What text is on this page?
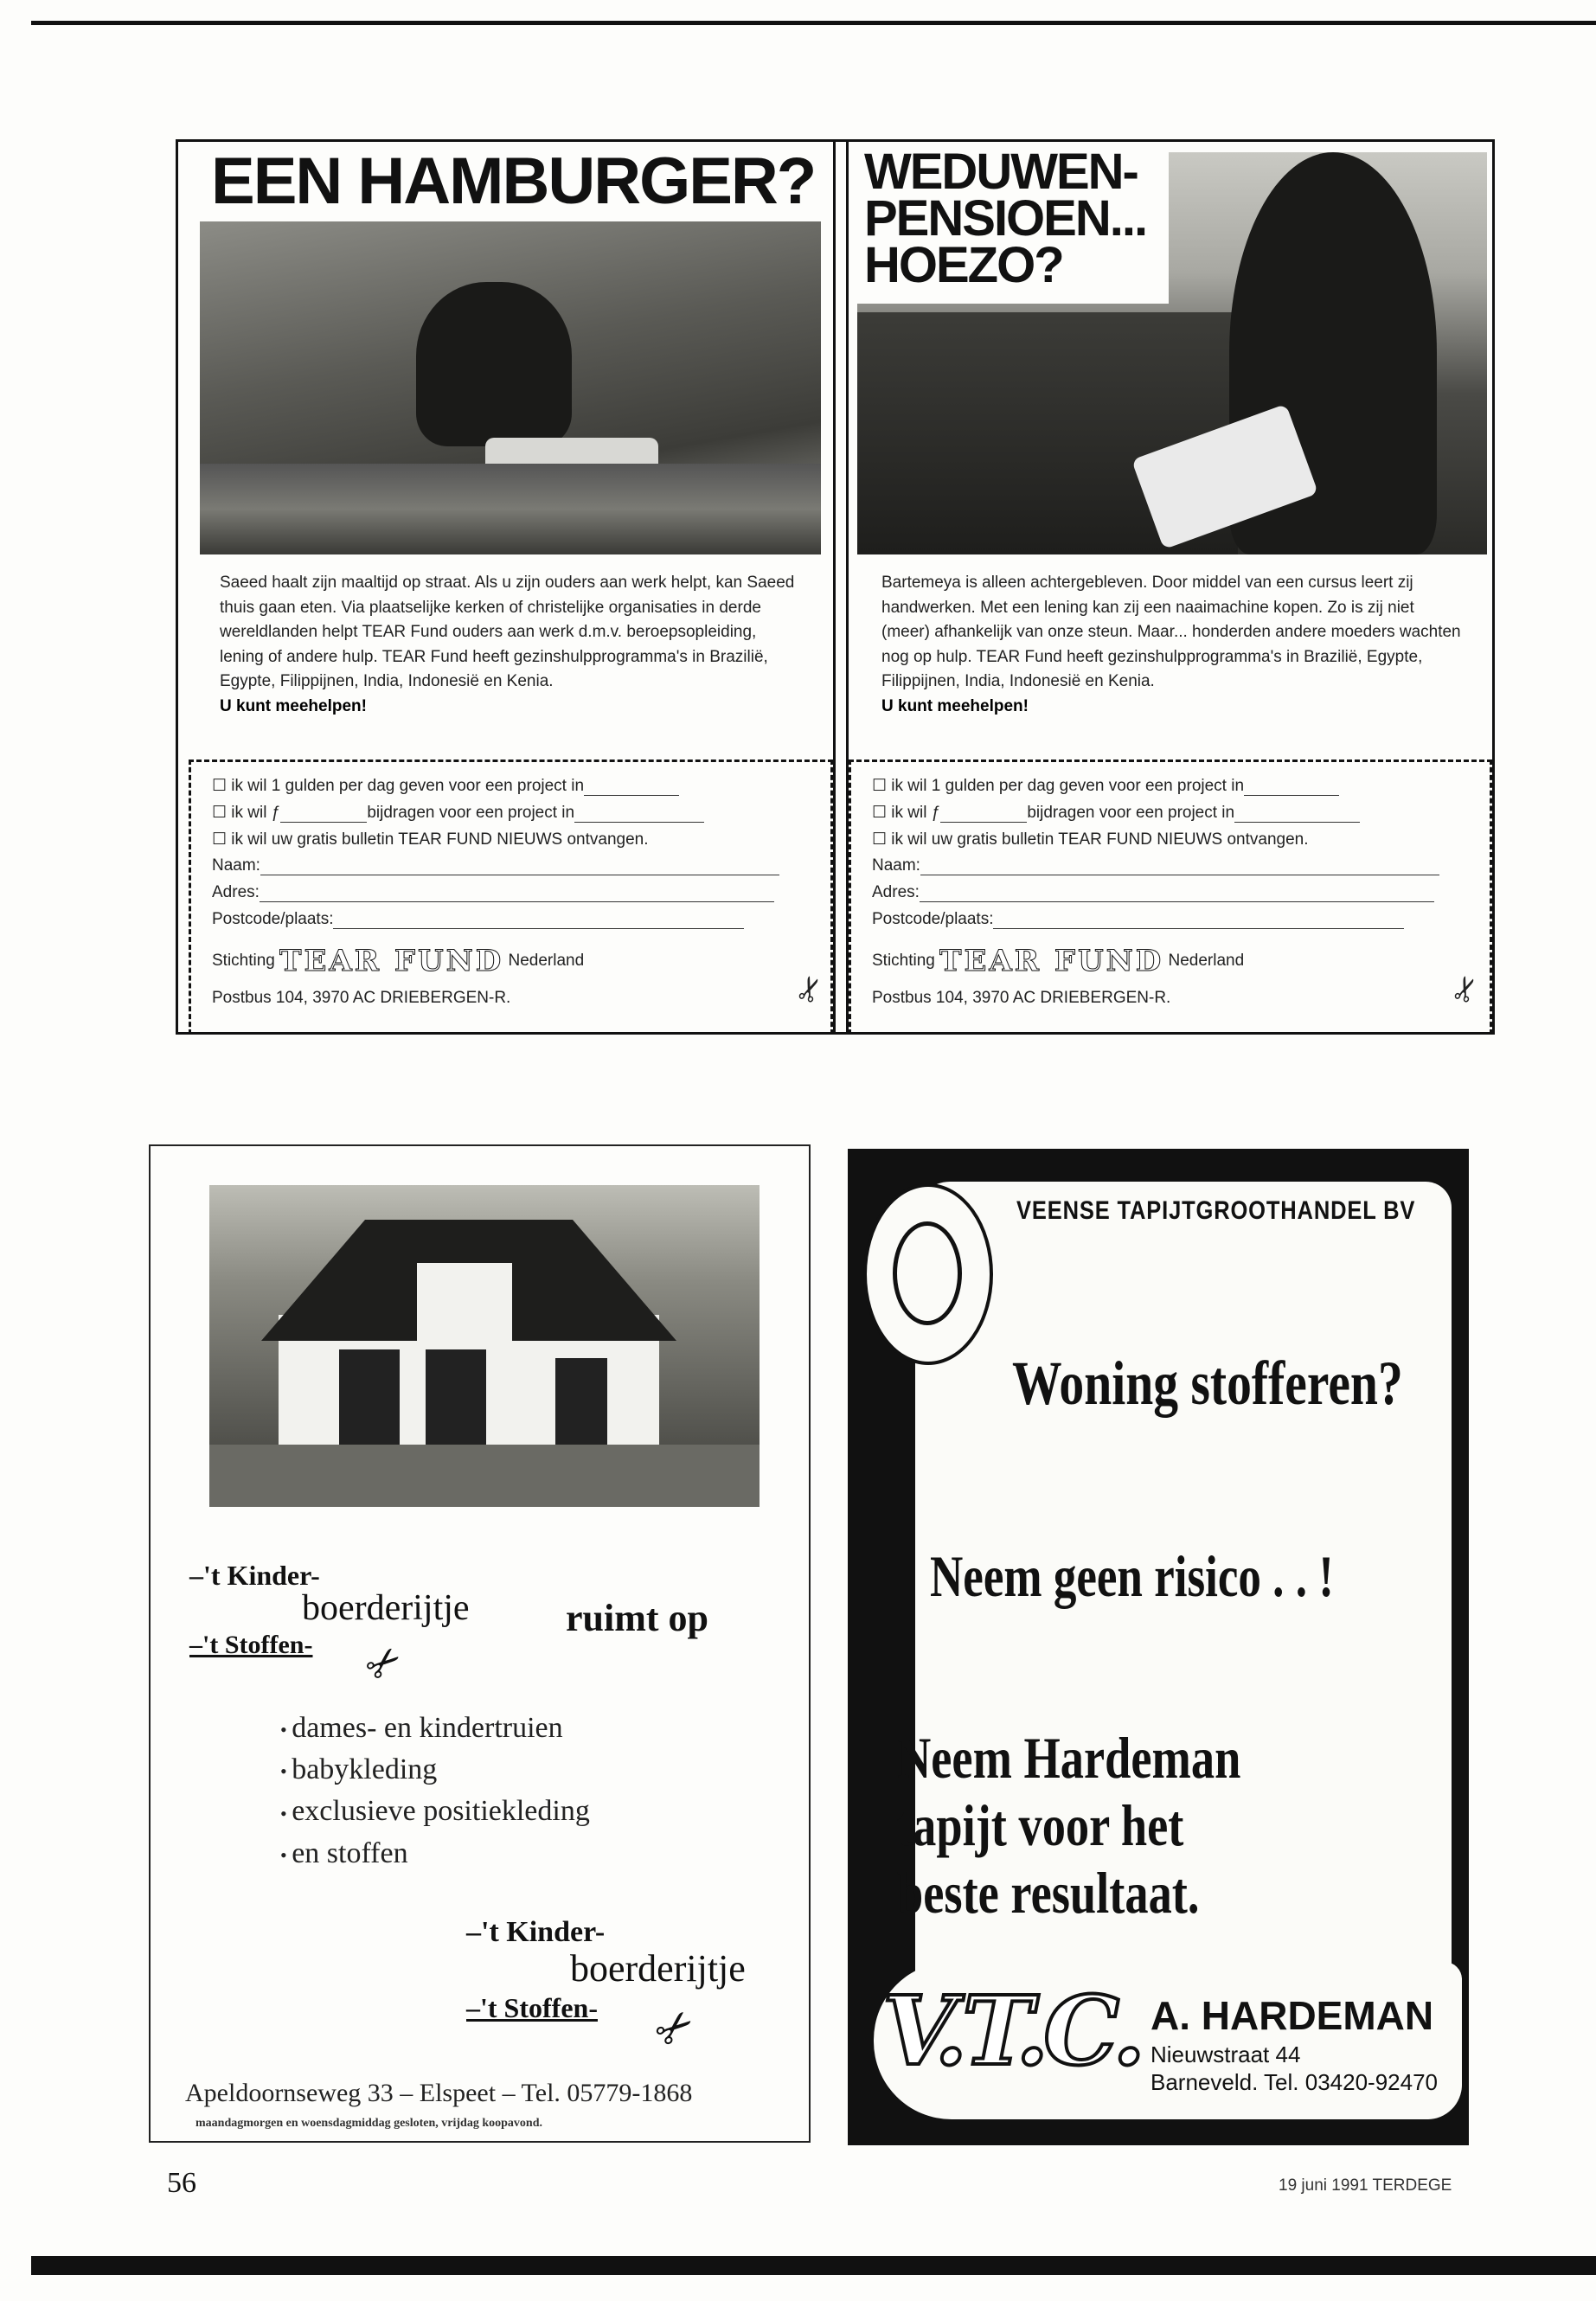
EEN HAMBURGER?
Saeed haalt zijn maaltijd op straat. Als u zijn ouders aan werk helpt, kan Saeed thuis gaan eten. Via plaatselijke kerken of christelijke organisaties in derde wereldlanden helpt TEAR Fund ouders aan werk d.m.v. beroepsopleiding, lening of andere hulp. TEAR Fund heeft gezinshulpprogramma's in Brazilië, Egypte, Filippijnen, India, Indonesië en Kenia.
U kunt meehelpen!
☐ ik wil 1 gulden per dag geven voor een project in
☐ ik wil ƒ	bijdragen voor een project in
☐ ik wil uw gratis bulletin TEAR FUND NIEUWS ontvangen.
Naam:
Adres:
Postcode/plaats:
Stichting TEAR FUND Nederland
Postbus 104, 3970 AC DRIEBERGEN-R.	✂
WEDUWEN-
PENSIOEN...
HOEZO?
Bartemeya is alleen achtergebleven. Door middel van een cursus leert zij handwerken. Met een lening kan zij een naaimachine kopen. Zo is zij niet (meer) afhankelijk van onze steun. Maar... honderden andere moeders wachten nog op hulp. TEAR Fund heeft gezinshulpprogramma's in Brazilië, Egypte, Filippijnen, India, Indonesië en Kenia.
U kunt meehelpen!
☐ ik wil 1 gulden per dag geven voor een project in
☐ ik wil ƒ	bijdragen voor een project in
☐ ik wil uw gratis bulletin TEAR FUND NIEUWS ontvangen.
Naam:
Adres:
Postcode/plaats:
Stichting TEAR FUND Nederland
Postbus 104, 3970 AC DRIEBERGEN-R.	✂
–'t Kinder-
boerderijtje
–'t Stoffen- ✂
ruimt op
• dames- en kindertruien
• babykleding
• exclusieve positiekleding
• en stoffen
–'t Kinder-
boerderijtje
–'t Stoffen- ✂
Apeldoornseweg 33 – Elspeet – Tel. 05779-1868
maandagmorgen en woensdagmiddag gesloten, vrijdag koopavond.
VEENSE TAPIJTGROOTHANDEL BV
Woning stofferen?
Neem geen risico . . !
Neem Hardeman
tapijt voor het
beste resultaat.
V.T.C. A. HARDEMAN
Nieuwstraat 44
Barneveld. Tel. 03420-92470
56	19 juni 1991 TERDEGE
